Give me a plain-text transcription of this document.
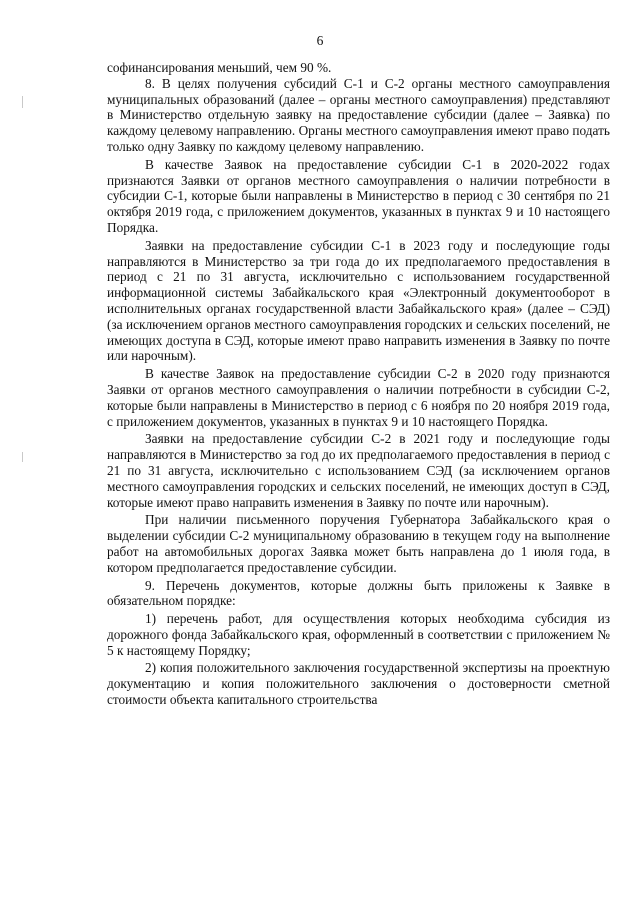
6

софинансирования меньший, чем 90 %.

8. В целях получения субсидий С-1 и С-2 органы местного самоуправления муниципальных образований (далее – органы местного самоуправления) представляют в Министерство отдельную заявку на предоставление субсидии (далее – Заявка) по каждому целевому направлению. Органы местного самоуправления имеют право подать только одну Заявку по каждому целевому направлению.

В качестве Заявок на предоставление субсидии С-1 в 2020-2022 годах признаются Заявки от органов местного самоуправления о наличии потребности в субсидии С-1, которые были направлены в Министерство в период с 30 сентября по 21 октября 2019 года, с приложением документов, указанных в пунктах 9 и 10 настоящего Порядка.

Заявки на предоставление субсидии С-1 в 2023 году и последующие годы направляются в Министерство за три года до их предполагаемого предоставления в период с 21 по 31 августа, исключительно с использованием государственной информационной системы Забайкальского края «Электронный документооборот в исполнительных органах государственной власти Забайкальского края» (далее – СЭД) (за исключением органов местного самоуправления городских и сельских поселений, не имеющих доступа в СЭД, которые имеют право направить изменения в Заявку по почте или нарочным).

В качестве Заявок на предоставление субсидии С-2 в 2020 году признаются Заявки от органов местного самоуправления о наличии потребности в субсидии С-2, которые были направлены в Министерство в период с 6 ноября по 20 ноября 2019 года, с приложением документов, указанных в пунктах 9 и 10 настоящего Порядка.

Заявки на предоставление субсидии С-2 в 2021 году и последующие годы направляются в Министерство за год до их предполагаемого предоставления в период с 21 по 31 августа, исключительно с использованием СЭД (за исключением органов местного самоуправления городских и сельских поселений, не имеющих доступ в СЭД, которые имеют право направить изменения в Заявку по почте или нарочным).

При наличии письменного поручения Губернатора Забайкальского края о выделении субсидии С-2 муниципальному образованию в текущем году на выполнение работ на автомобильных дорогах Заявка может быть направлена до 1 июля года, в котором предполагается предоставление субсидии.

9. Перечень документов, которые должны быть приложены к Заявке в обязательном порядке:

1) перечень работ, для осуществления которых необходима субсидия из дорожного фонда Забайкальского края, оформленный в соответствии с приложением № 5 к настоящему Порядку;

2) копия положительного заключения государственной экспертизы на проектную документацию и копия положительного заключения о достоверности сметной стоимости объекта капитального строительства
